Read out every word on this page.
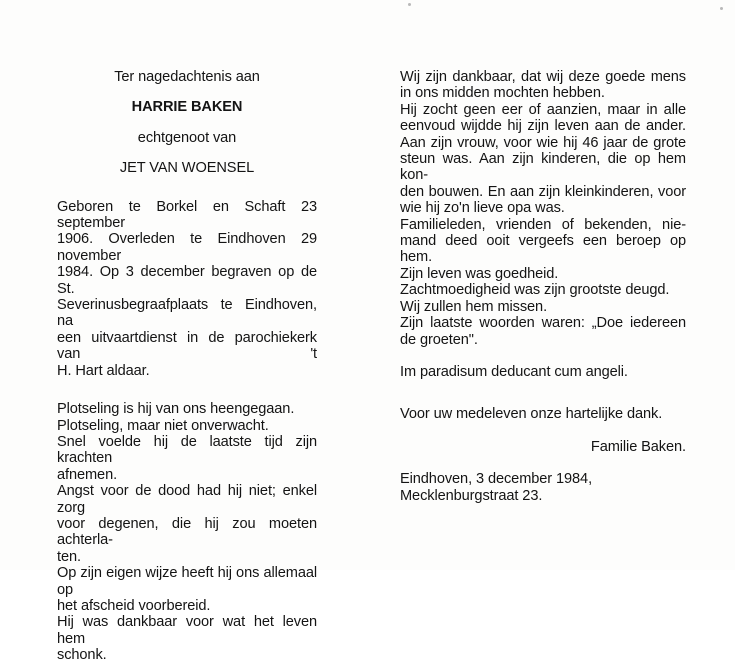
Ter nagedachtenis aan

HARRIE BAKEN

echtgenoot van

JET VAN WOENSEL

Geboren te Borkel en Schaft 23 september
1906. Overleden te Eindhoven 29 november
1984. Op 3 december begraven op de St.
Severinusbegraafplaats te Eindhoven, na
een uitvaartdienst in de parochiekerk van 't
H. Hart aldaar.
Plotseling is hij van ons heengegaan.
Plotseling, maar niet onverwacht.
Snel voelde hij de laatste tijd zijn krachten
afnemen.
Angst voor de dood had hij niet; enkel zorg
voor degenen, die hij zou moeten achterla-
ten.
Op zijn eigen wijze heeft hij ons allemaal op
het afscheid voorbereid.
Hij was dankbaar voor wat het leven hem
schonk.
Wij zijn dankbaar, dat wij deze goede mens
in ons midden mochten hebben.
Hij zocht geen eer of aanzien, maar in alle
eenvoud wijdde hij zijn leven aan de ander.
Aan zijn vrouw, voor wie hij 46 jaar de grote
steun was. Aan zijn kinderen, die op hem kon-
den bouwen. En aan zijn kleinkinderen, voor
wie hij zo'n lieve opa was.
Familieleden, vrienden of bekenden, nie-
mand deed ooit vergeefs een beroep op hem.
Zijn leven was goedheid.
Zachtmoedigheid was zijn grootste deugd.
Wij zullen hem missen.
Zijn laatste woorden waren: „Doe iedereen
de groeten".

Im paradisum deducant cum angeli.

Voor uw medeleven onze hartelijke dank.

Familie Baken.

Eindhoven, 3 december 1984,
Mecklenburgstraat 23.
